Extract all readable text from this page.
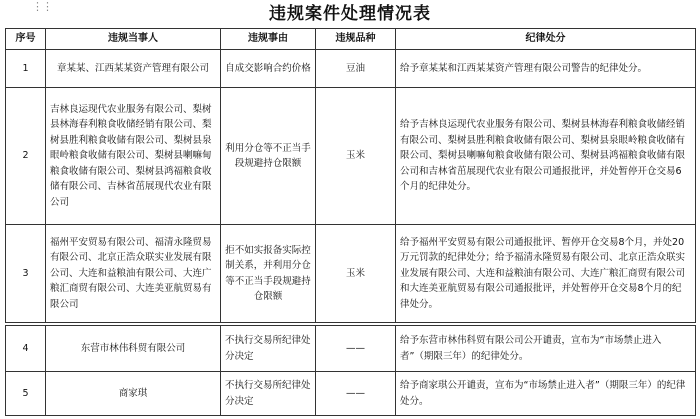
⋮⋮	违规案件处理情况表
序号	违规当事人	违规事由	违规品种	纪律处分
1	章某某、江西某某资产管理有限公司	自成交影响合约价格	豆油	给予章某某和江西某某资产管理有限公司警告的纪律处分。
2	吉林良运现代农业服务有限公司、梨树县林海春利粮食收储经销有限公司、梨树县胜利粮食收储有限公司、梨树县泉眼岭粮食收储有限公司、梨树县喇嘛甸粮食收储有限公司、梨树县鸿福粮食收储有限公司、吉林省茁展现代农业有限公司	利用分仓等不正当手段规避持仓限额	玉米	给予吉林良运现代农业服务有限公司、梨树县林海春利粮食收储经销有限公司、梨树县胜利粮食收储有限公司、梨树县泉眼岭粮食收储有限公司、梨树县喇嘛甸粮食收储有限公司、梨树县鸿福粮食收储有限公司和吉林省茁展现代农业有限公司通报批评，并处暂停开仓交易6个月的纪律处分。
3	福州平安贸易有限公司、福清永隆贸易有限公司、北京正浩众联实业发展有限公司、大连和益粮油有限公司、大连广粮汇商贸有限公司、大连美亚航贸易有限公司	拒不如实报备实际控制关系，并利用分仓等不正当手段规避持仓限额	玉米	给予福州平安贸易有限公司通报批评、暂停开仓交易8个月，并处20万元罚款的纪律处分；给予福清永隆贸易有限公司、北京正浩众联实业发展有限公司、大连和益粮油有限公司、大连广粮汇商贸有限公司和大连美亚航贸易有限公司通报批评，并处暂停开仓交易8个月的纪律处分。
4	东营市林伟科贸有限公司	不执行交易所纪律处分决定	——	给予东营市林伟科贸有限公司公开谴责，宣布为“市场禁止进入者”（期限三年）的纪律处分。
5	商家琪	不执行交易所纪律处分决定	——	给予商家琪公开谴责，宣布为“市场禁止进入者”（期限三年）的纪律处分。
